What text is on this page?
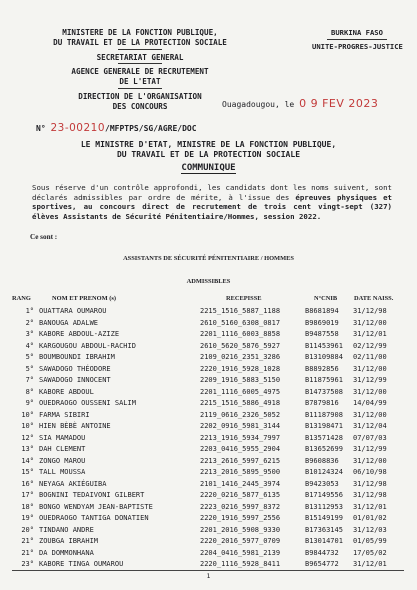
MINISTERE DE LA FONCTION PUBLIQUE,
DU TRAVAIL ET DE LA PROTECTION SOCIALE
SECRETARIAT GENERAL
AGENCE GENERALE DE RECRUTEMENT
DE L'ETAT
DIRECTION DE L'ORGANISATION
DES CONCOURS
BURKINA FASO
UNITE-PROGRES-JUSTICE
Ouagadougou, le 0 9 FEV 2023
N° 23-00210/MFPTPS/SG/AGRE/DOC
LE MINISTRE D'ETAT, MINISTRE DE LA FONCTION PUBLIQUE,
DU TRAVAIL ET DE LA PROTECTION SOCIALE
COMMUNIQUE
Sous réserve d'un contrôle approfondi, les candidats dont les noms suivent, sont déclarés admissibles par ordre de mérite, à l'issue des épreuves physiques et sportives, au concours direct de recrutement de trois cent vingt-sept (327) élèves Assistants de Sécurité Pénitentiaire/Hommes, session 2022.
Ce sont :
ASSISTANTS DE SÉCURITÉ PÉNITENTIAIRE / HOMMES
ADMISSIBLES
RANG	NOM ET PRENOM (s)	RECEPISSE	N°CNIB	DATE NAISS.
1° OUATTARA OUMAROU	2215_1516_5887_1188	B8681894 31/12/98
2° BANOUGA ADALWE	2610_5160_6308_0817	B9869019 31/12/00
3° KABORE ABDOUL-AZIZE	2201_1116_6003_8858	B9487558 31/12/01
4° KARGOUGOU ABDOUL-RACHID	2610_5620_5876_5927	B11453961 02/12/99
5° BOUMBOUNDI IBRAHIM	2109_0216_2351_3286	B13109884 02/11/00
5° SAWADOGO THÉODORE	2220_1916_5928_1028	B8892856 31/12/00
7° SAWADOGO INNOCENT	2209_1916_5883_5150	B11875961 31/12/99
8° KABORE ABDOUL	2201_1116_6005_4975	B14737508 31/12/00
9° OUEDRAOGO OUSSENI SALIM	2215_1516_5886_4918	B7879816 14/04/99
10° FARMA SIBIRI	2119_0616_2326_5052	B11187908 31/12/00
10° HIEN BÈBÈ ANTOINE	2202_0916_5981_3144	B13198471 31/12/04
12° SIA MAMADOU	2213_1916_5934_7997	B13571428 07/07/03
13° DAH CLEMENT	2203_0416_5955_2904	B13652699 31/12/99
14° ZONGO MAROU	2213_2616_5997_6215	B9608836 31/12/00
15° TALL MOUSSA	2213_2016_5895_9500	B10124324 06/10/98
16° NEYAGA AKIÉGUIBA	2101_1416_2445_3974	B9423053 31/12/98
17° BOGNINI TEDAIVONI GILBERT	2220_0216_5877_6135	B17149556 31/12/98
18° BONGO WENDYAM JEAN-BAPTISTE	2223_0216_5997_8372	B13112953 31/12/01
19° OUEDRAOGO TANTIGA DONATIEN	2220_1916_5997_2556	B15149199 01/01/02
20° TINDANO ANDRE	2201_2016_5908_9330	B17363145 31/12/03
21° ZOUBGA IBRAHIM	2220_2016_5977_0709	B13014701 01/05/99
21° DA DOMMONHANA	2204_0416_5981_2139	B9844732 17/05/02
23° KABORE TINGA OUMAROU	2220_1116_5928_8411	B9654772 31/12/01
1
